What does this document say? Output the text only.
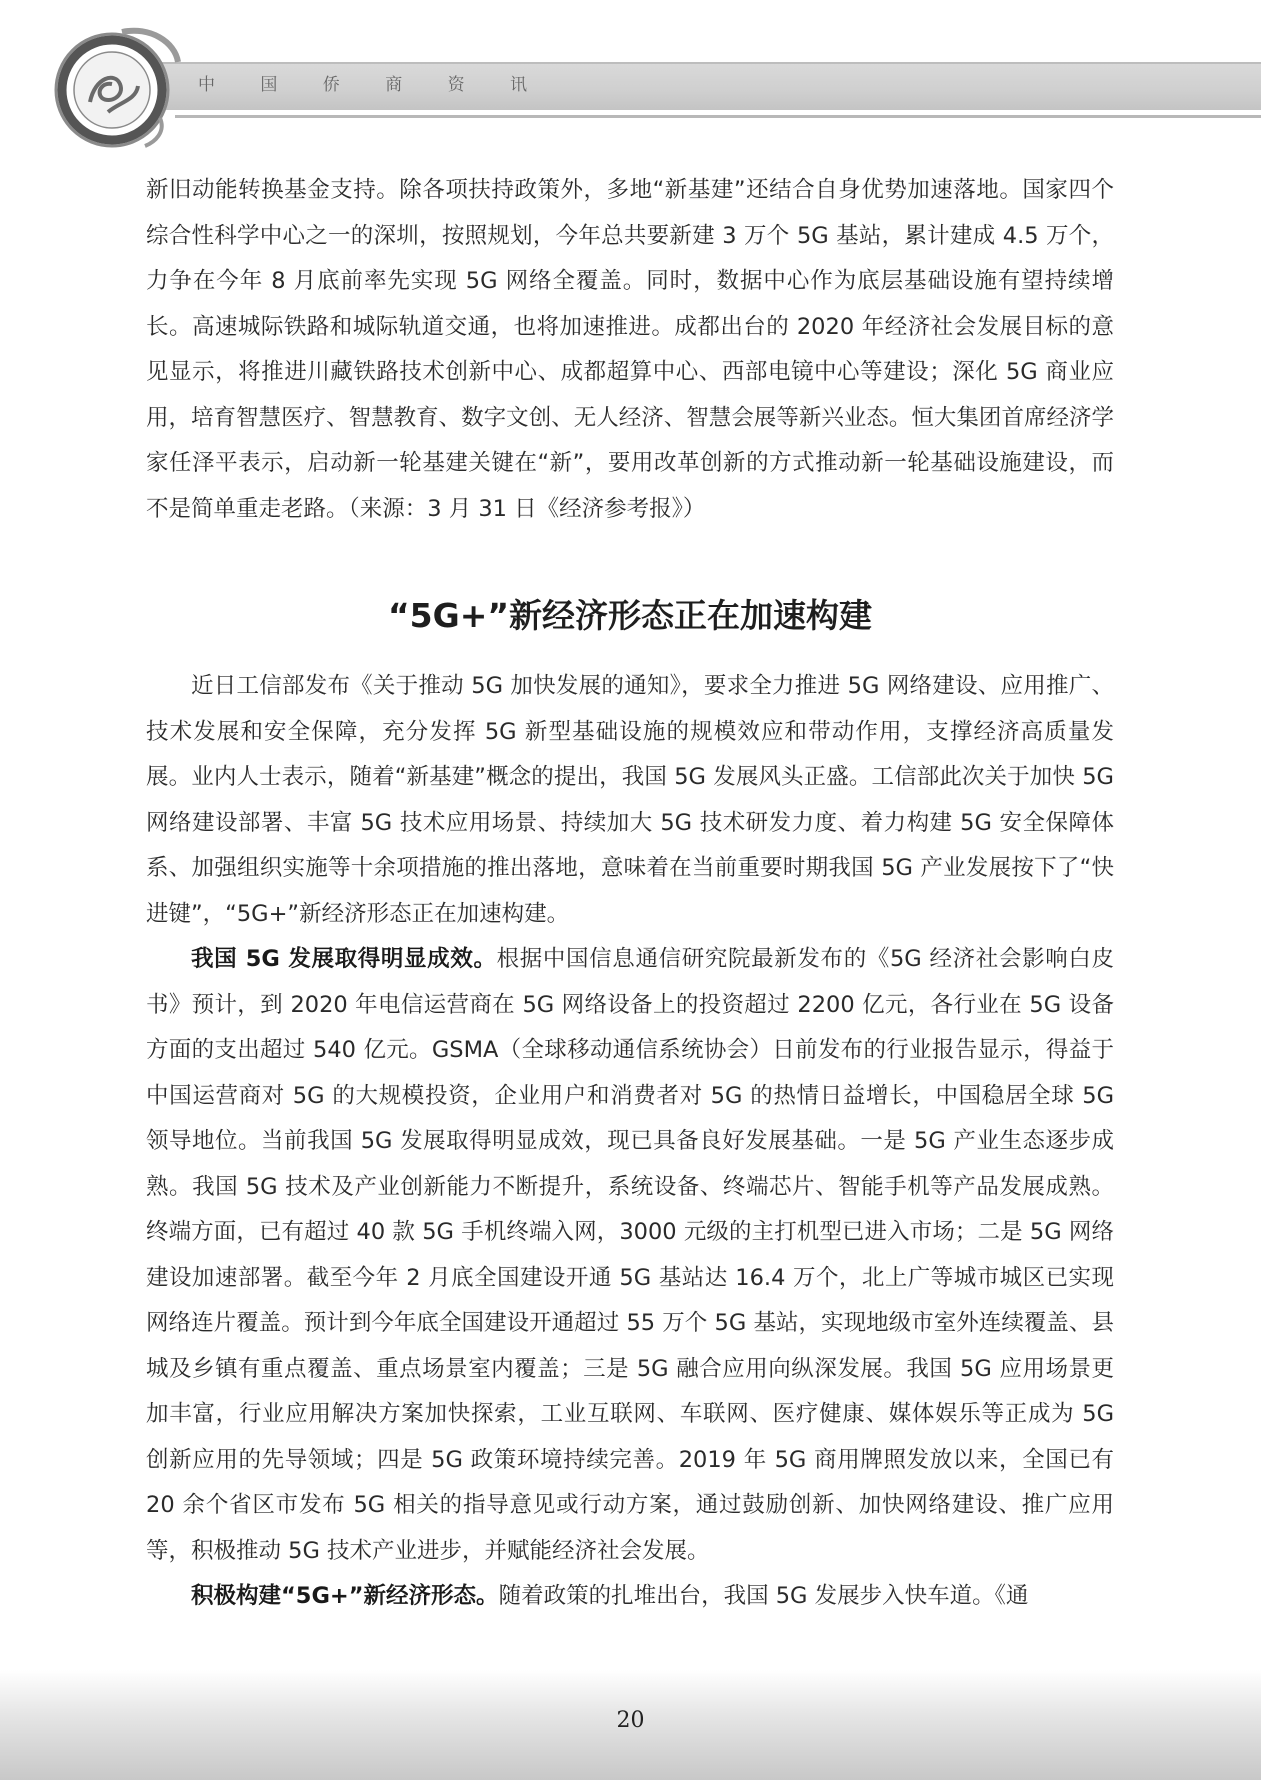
中 国 侨 商 资 讯

新旧动能转换基金支持。除各项扶持政策外，多地“新基建”还结合自身优势加速落地。国家四个综合性科学中心之一的深圳，按照规划，今年总共要新建 3 万个 5G 基站，累计建成 4.5 万个，力争在今年 8 月底前率先实现 5G 网络全覆盖。同时，数据中心作为底层基础设施有望持续增长。高速城际铁路和城际轨道交通，也将加速推进。成都出台的 2020 年经济社会发展目标的意见显示，将推进川藏铁路技术创新中心、成都超算中心、西部电镜中心等建设；深化 5G 商业应用，培育智慧医疗、智慧教育、数字文创、无人经济、智慧会展等新兴业态。恒大集团首席经济学家任泽平表示，启动新一轮基建关键在“新”，要用改革创新的方式推动新一轮基础设施建设，而不是简单重走老路。（来源：3 月 31 日《经济参考报》）

“5G+”新经济形态正在加速构建

近日工信部发布《关于推动 5G 加快发展的通知》，要求全力推进 5G 网络建设、应用推广、技术发展和安全保障，充分发挥 5G 新型基础设施的规模效应和带动作用，支撑经济高质量发展。业内人士表示，随着“新基建”概念的提出，我国 5G 发展风头正盛。工信部此次关于加快 5G 网络建设部署、丰富 5G 技术应用场景、持续加大 5G 技术研发力度、着力构建 5G 安全保障体系、加强组织实施等十余项措施的推出落地，意味着在当前重要时期我国 5G 产业发展按下了“快进键”，“5G+”新经济形态正在加速构建。

我国 5G 发展取得明显成效。根据中国信息通信研究院最新发布的《5G 经济社会影响白皮书》预计，到 2020 年电信运营商在 5G 网络设备上的投资超过 2200 亿元，各行业在 5G 设备方面的支出超过 540 亿元。GSMA（全球移动通信系统协会）日前发布的行业报告显示，得益于中国运营商对 5G 的大规模投资，企业用户和消费者对 5G 的热情日益增长，中国稳居全球 5G 领导地位。当前我国 5G 发展取得明显成效，现已具备良好发展基础。一是 5G 产业生态逐步成熟。我国 5G 技术及产业创新能力不断提升，系统设备、终端芯片、智能手机等产品发展成熟。终端方面，已有超过 40 款 5G 手机终端入网，3000 元级的主打机型已进入市场；二是 5G 网络建设加速部署。截至今年 2 月底全国建设开通 5G 基站达 16.4 万个，北上广等城市城区已实现网络连片覆盖。预计到今年底全国建设开通超过 55 万个 5G 基站，实现地级市室外连续覆盖、县城及乡镇有重点覆盖、重点场景室内覆盖；三是 5G 融合应用向纵深发展。我国 5G 应用场景更加丰富，行业应用解决方案加快探索，工业互联网、车联网、医疗健康、媒体娱乐等正成为 5G 创新应用的先导领域；四是 5G 政策环境持续完善。2019 年 5G 商用牌照发放以来，全国已有 20 余个省区市发布 5G 相关的指导意见或行动方案，通过鼓励创新、加快网络建设、推广应用等，积极推动 5G 技术产业进步，并赋能经济社会发展。

积极构建“5G+”新经济形态。随着政策的扎堆出台，我国 5G 发展步入快车道。《通

20
